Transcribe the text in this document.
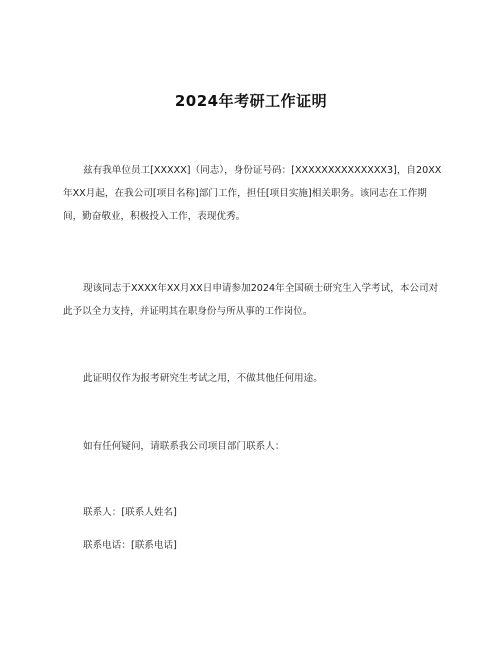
2024年考研工作证明

兹有我单位员工[XXXXX]（同志），身份证号码：[XXXXXXXXXXXXXX3]，自20XX年XX月起，在我公司[项目名称]部门工作，担任[项目实施]相关职务。该同志在工作期间，勤奋敬业，积极投入工作，表现优秀。

现该同志于XXXX年XX月XX日申请参加2024年全国硕士研究生入学考试，本公司对此予以全力支持，并证明其在职身份与所从事的工作岗位。

此证明仅作为报考研究生考试之用，不做其他任何用途。

如有任何疑问，请联系我公司项目部门联系人：

联系人：[联系人姓名]
联系电话：[联系电话]
